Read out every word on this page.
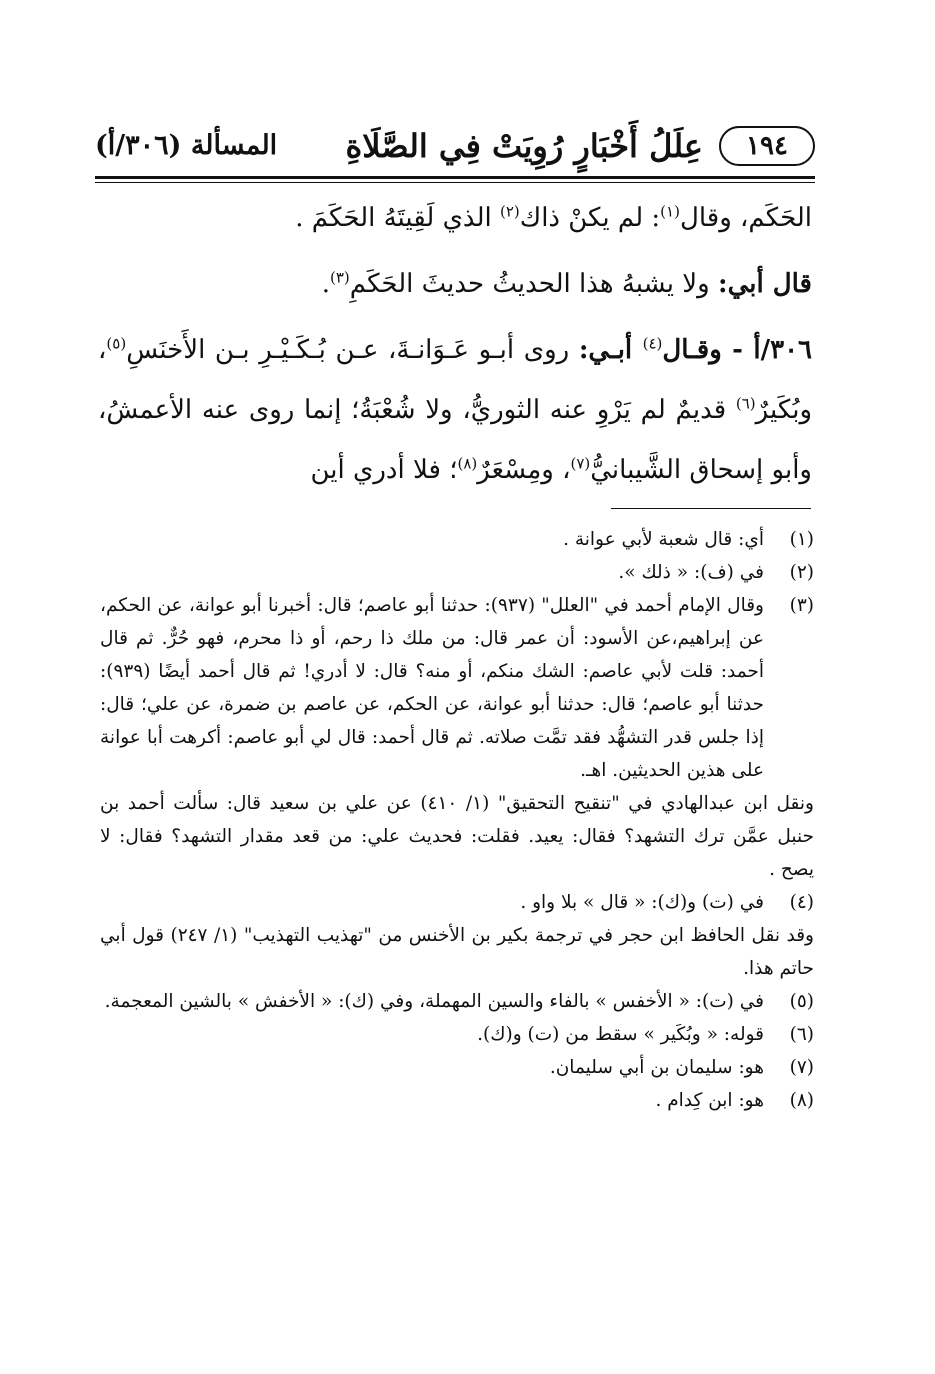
١٩٤
عِلَلُ أَخْبَارٍ رُوِيَتْ فِي الصَّلَاةِ
المسألة (٣٠٦/أ)

الحَكَم، وقال$^{(١)}$: لم يكنْ ذاك$^{(٢)}$ الذي لَقِيتَهُ الحَكَمَ .

قال أبي: ولا يشبهُ هذا الحديثُ حديثَ الحَكَمِ$^{(٣)}$.

٣٠٦/أ - وقـال$^{(٤)}$ أبـي: روى أبـو عَـوَانـةَ، عـن بُـكَـيْـرِ بـن الأَخنَسِ$^{(٥)}$، وبُكَيرٌ$^{(٦)}$ قديمٌ لم يَرْوِ عنه الثوريُّ، ولا شُعْبَةُ؛ إنما روى عنه الأعمشُ، وأبو إسحاق الشَّيبانيُّ$^{(٧)}$، ومِسْعَرٌ$^{(٨)}$؛ فلا أدري أين

(١)
أي: قال شعبة لأبي عوانة .
(٢)
في (ف): « ذلك ».
(٣)
وقال الإمام أحمد في "العلل" (٩٣٧): حدثنا أبو عاصم؛ قال: أخبرنا أبو عوانة، عن الحكم، عن إبراهيم،عن الأسود: أن عمر قال: من ملك ذا رحم، أو ذا محرم، فهو حُرٌّ. ثم قال أحمد: قلت لأبي عاصم: الشك منكم، أو منه؟ قال: لا أدري! ثم قال أحمد أيضًا (٩٣٩): حدثنا أبو عاصم؛ قال: حدثنا أبو عوانة، عن الحكم، عن عاصم بن ضمرة، عن علي؛ قال: إذا جلس قدر التشهُّد فقد تمَّت صلاته. ثم قال أحمد: قال لي أبو عاصم: أكرهت أبا عوانة على هذين الحديثين. اهـ.
ونقل ابن عبدالهادي في "تنقيح التحقيق" (١/ ٤١٠) عن علي بن سعيد قال: سألت أحمد بن حنبل عمَّن ترك التشهد؟ فقال: يعيد. فقلت: فحديث علي: من قعد مقدار التشهد؟ فقال: لا يصح .
(٤)
في (ت) و(ك): « قال » بلا واو .
وقد نقل الحافظ ابن حجر في ترجمة بكير بن الأخنس من "تهذيب التهذيب" (١/ ٢٤٧) قول أبي حاتم هذا.
(٥)
في (ت): « الأخفس » بالفاء والسين المهملة، وفي (ك): « الأخفش » بالشين المعجمة.
(٦)
قوله: « وبُكَير » سقط من (ت) و(ك).
(٧)
هو: سليمان بن أبي سليمان.
(٨)
هو: ابن كِدام .
